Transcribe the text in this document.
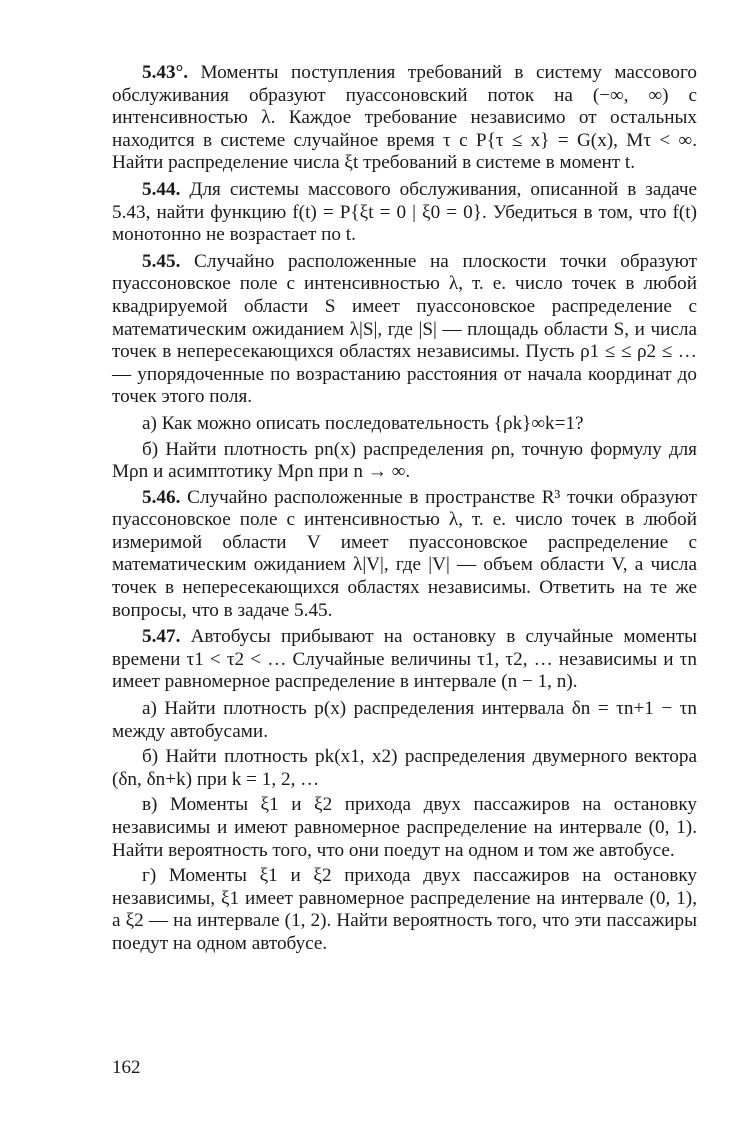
5.43°. Моменты поступления требований в систему массового обслуживания образуют пуассоновский поток на (−∞, ∞) с интенсивностью λ. Каждое требование независимо от остальных находится в системе случайное время τ с P{τ ≤ x} = G(x), Mτ < ∞. Найти распределение числа ξt требований в системе в момент t.

5.44. Для системы массового обслуживания, описанной в задаче 5.43, найти функцию f(t) = P{ξt = 0 | ξ0 = 0}. Убедиться в том, что f(t) монотонно не возрастает по t.

5.45. Случайно расположенные на плоскости точки образуют пуассоновское поле с интенсивностью λ, т. е. число точек в любой квадрируемой области S имеет пуассоновское распределение с математическим ожиданием λ|S|, где |S| — площадь области S, и числа точек в непересекающихся областях независимы. Пусть ρ1 ≤ ≤ ρ2 ≤ … — упорядоченные по возрастанию расстояния от начала координат до точек этого поля.

а) Как можно описать последовательность {ρk}∞k=1?

б) Найти плотность pn(x) распределения ρn, точную формулу для Mρn и асимптотику Mρn при n → ∞.

5.46. Случайно расположенные в пространстве R³ точки образуют пуассоновское поле с интенсивностью λ, т. е. число точек в любой измеримой области V имеет пуассоновское распределение с математическим ожиданием λ|V|, где |V| — объем области V, а числа точек в непересекающихся областях независимы. Ответить на те же вопросы, что в задаче 5.45.

5.47. Автобусы прибывают на остановку в случайные моменты времени τ1 < τ2 < … Случайные величины τ1, τ2, … независимы и τn имеет равномерное распределение в интервале (n − 1, n).

а) Найти плотность p(x) распределения интервала δn = τn+1 − τn между автобусами.

б) Найти плотность pk(x1, x2) распределения двумерного вектора (δn, δn+k) при k = 1, 2, …

в) Моменты ξ1 и ξ2 прихода двух пассажиров на остановку независимы и имеют равномерное распределение на интервале (0, 1). Найти вероятность того, что они поедут на одном и том же автобусе.

г) Моменты ξ1 и ξ2 прихода двух пассажиров на остановку независимы, ξ1 имеет равномерное распределение на интервале (0, 1), а ξ2 — на интервале (1, 2). Найти вероятность того, что эти пассажиры поедут на одном автобусе.

162
